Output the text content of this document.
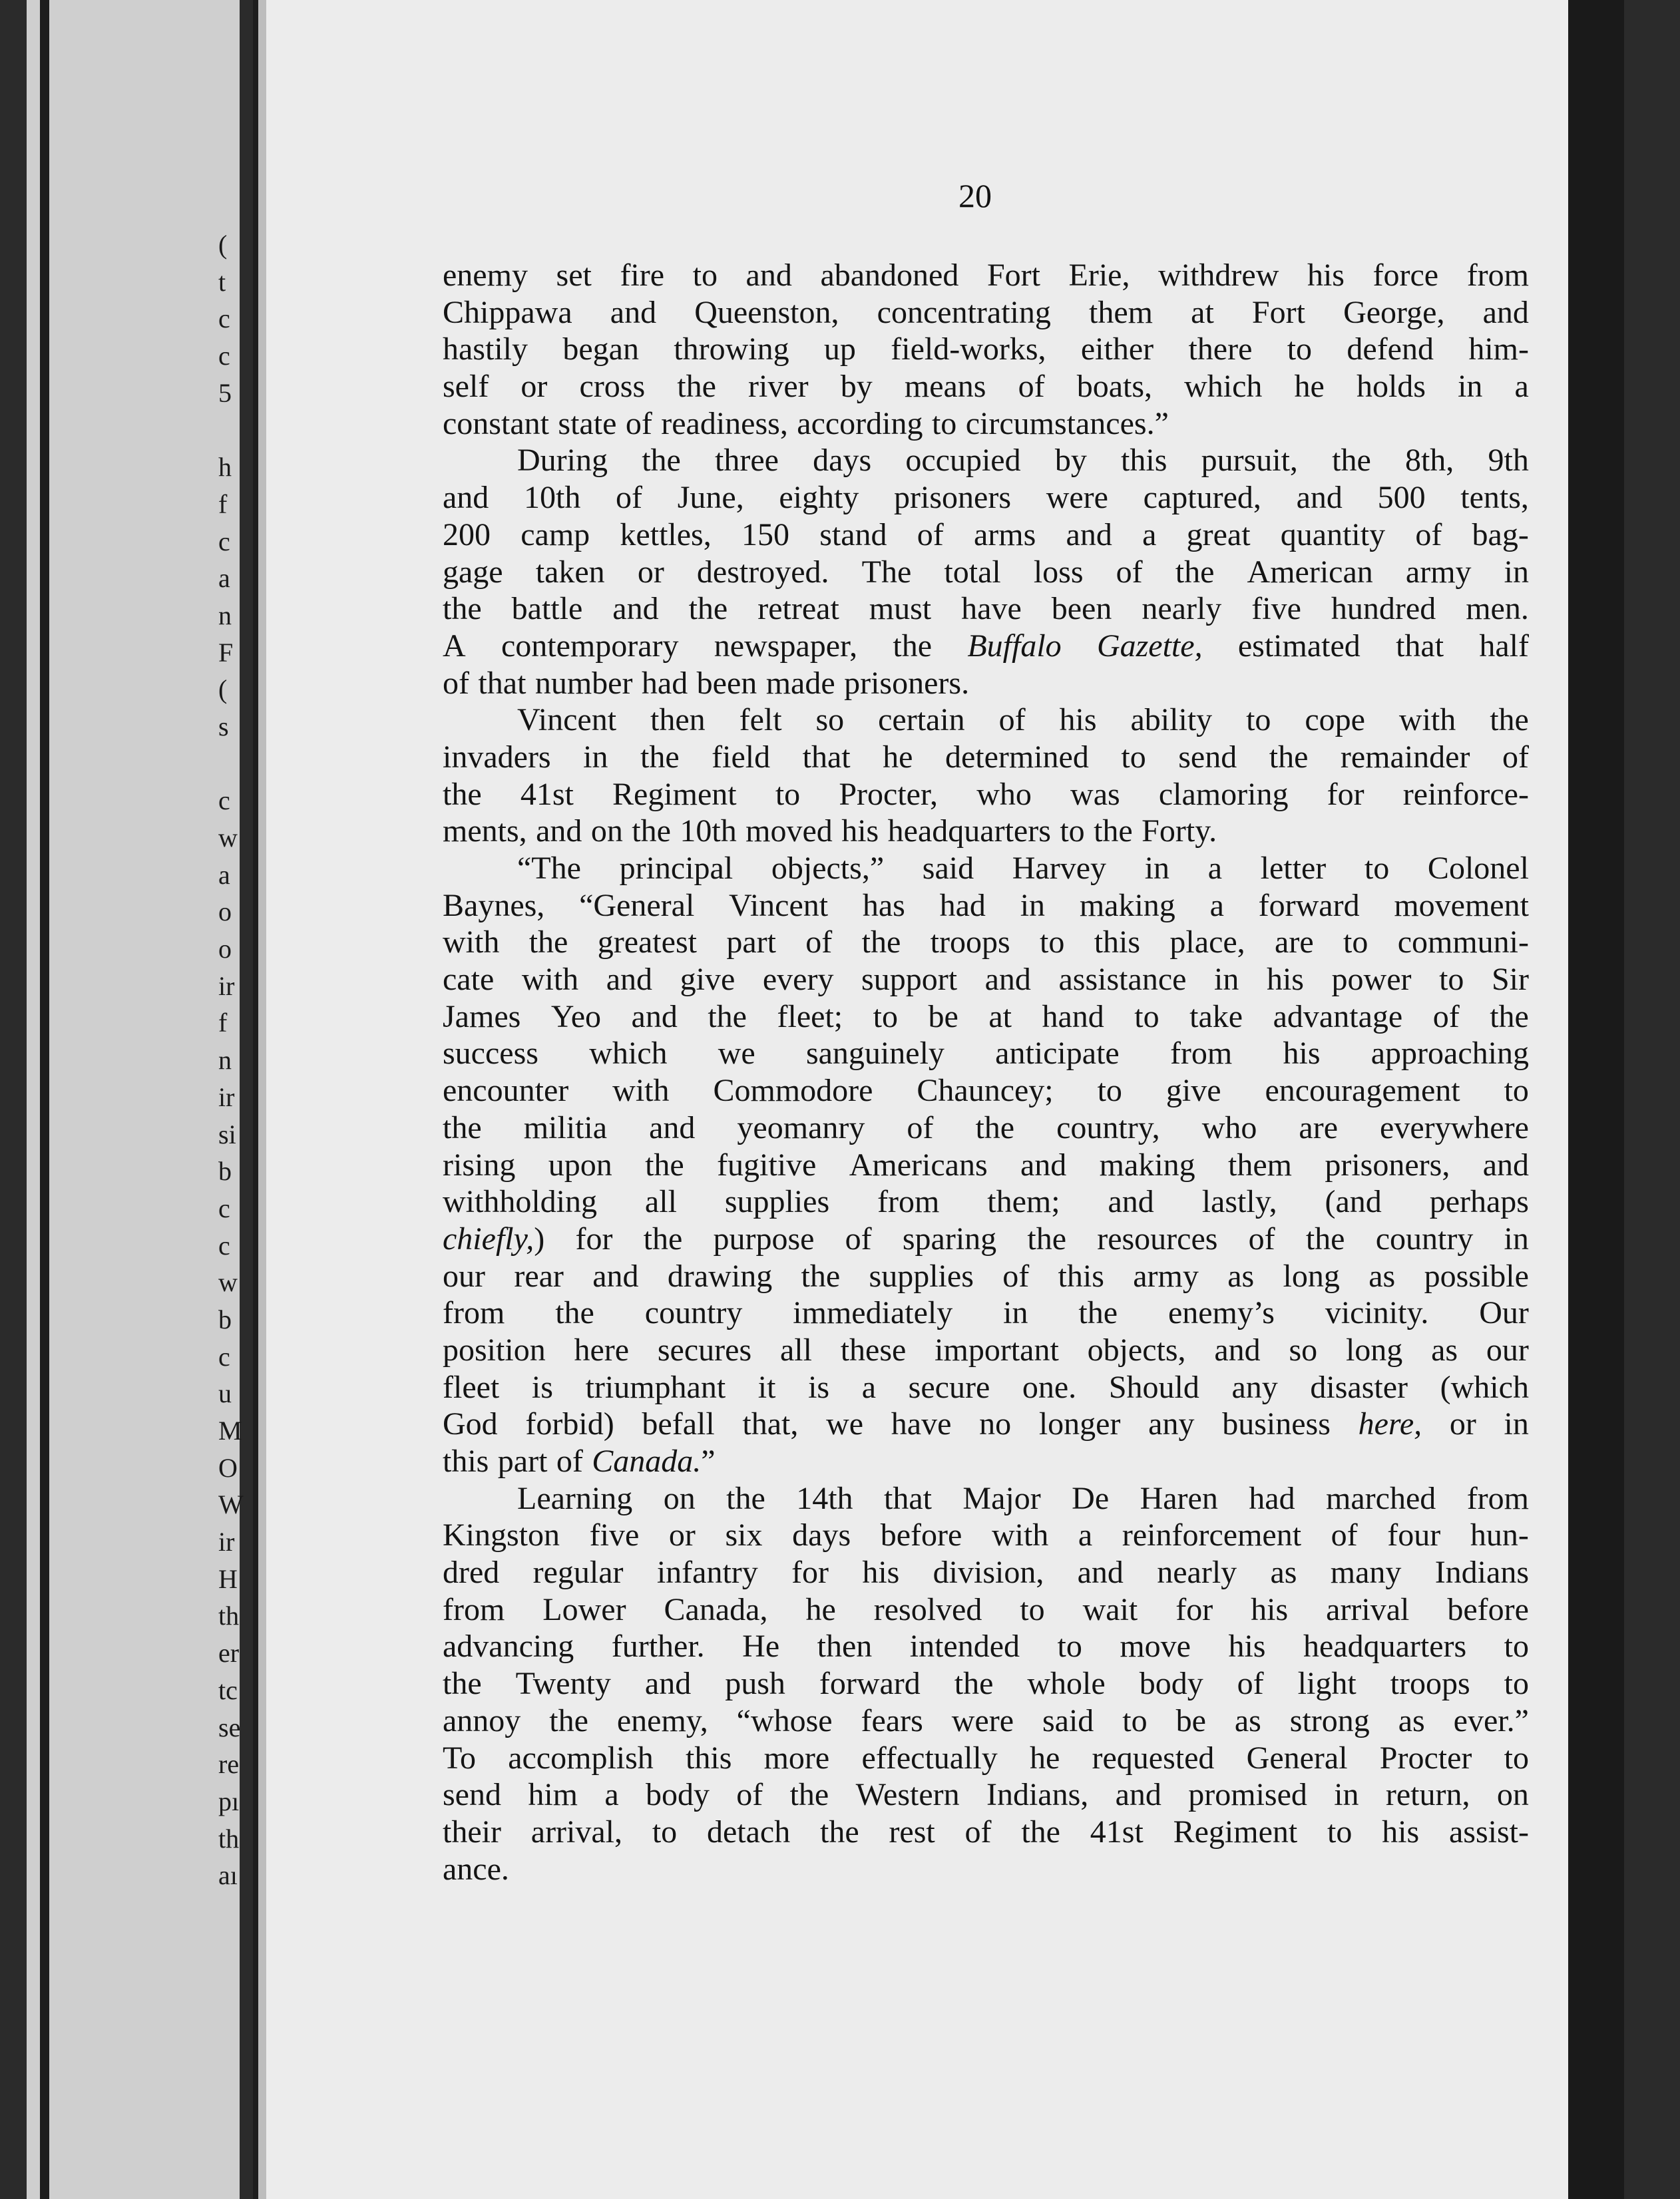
(
t
c
c
5
h
f
c
a
n
F
(
s
c
w
a
o
o
ir
f
n
ir
si
b
c
c
w
b
c
u
M
O
W
ir
H
th
er
tc
se
re
pı
th
aı
20
enemy set fire to and abandoned Fort Erie, withdrew his force from
Chippawa and Queenston, concentrating them at Fort George, and
hastily began throwing up field-works, either there to defend him-
self or cross the river by means of boats, which he holds in a
constant state of readiness, according to circumstances.”
During the three days occupied by this pursuit, the 8th, 9th
and 10th of June, eighty prisoners were captured, and 500 tents,
200 camp kettles, 150 stand of arms and a great quantity of bag-
gage taken or destroyed. The total loss of the American army in
the battle and the retreat must have been nearly five hundred men.
A contemporary newspaper, the Buffalo Gazette, estimated that half
of that number had been made prisoners.
Vincent then felt so certain of his ability to cope with the
invaders in the field that he determined to send the remainder of
the 41st Regiment to Procter, who was clamoring for reinforce-
ments, and on the 10th moved his headquarters to the Forty.
“The principal objects,” said Harvey in a letter to Colonel
Baynes, “General Vincent has had in making a forward movement
with the greatest part of the troops to this place, are to communi-
cate with and give every support and assistance in his power to Sir
James Yeo and the fleet; to be at hand to take advantage of the
success which we sanguinely anticipate from his approaching
encounter with Commodore Chauncey; to give encouragement to
the militia and yeomanry of the country, who are everywhere
rising upon the fugitive Americans and making them prisoners, and
withholding all supplies from them; and lastly, (and perhaps
chiefly,) for the purpose of sparing the resources of the country in
our rear and drawing the supplies of this army as long as possible
from the country immediately in the enemy’s vicinity. Our
position here secures all these important objects, and so long as our
fleet is triumphant it is a secure one. Should any disaster (which
God forbid) befall that, we have no longer any business here, or in
this part of Canada.”
Learning on the 14th that Major De Haren had marched from
Kingston five or six days before with a reinforcement of four hun-
dred regular infantry for his division, and nearly as many Indians
from Lower Canada, he resolved to wait for his arrival before
advancing further. He then intended to move his headquarters to
the Twenty and push forward the whole body of light troops to
annoy the enemy, “whose fears were said to be as strong as ever.”
To accomplish this more effectually he requested General Procter to
send him a body of the Western Indians, and promised in return, on
their arrival, to detach the rest of the 41st Regiment to his assist-
ance.
